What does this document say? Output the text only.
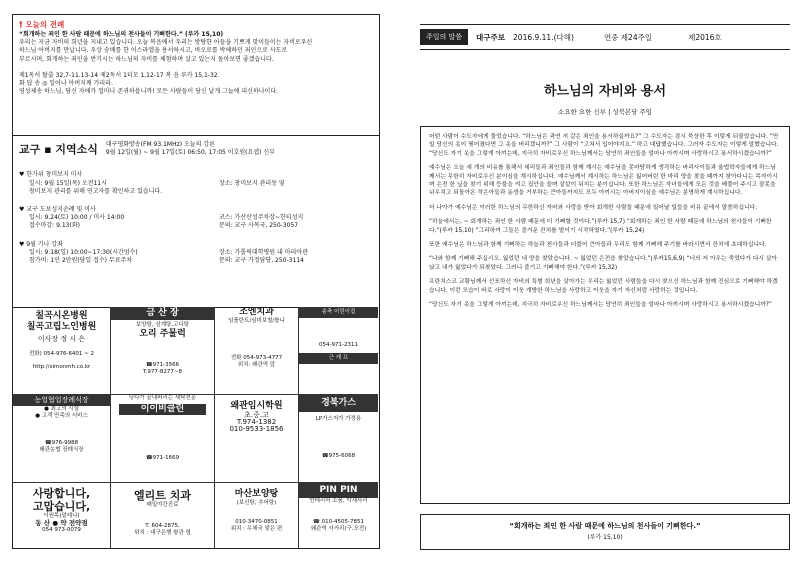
† 오늘의 전례
“회개하는 죄인 한 사람 때문에 하느님의 천사들이 기뻐한다.” (루카 15,10)
우리는 지금 자비의 희년을 지내고 있습니다. 오늘 복음에서 우리는 방탕한 아들을 기쁘게 맞이들이는 자비로우신
하느님 아버지를 만납니다. 우상 숭배를 한 이스라엘을 용서하시고, 바오로를 박해하던 죄인으로 사도로
부르시며, 회개하는 죄인을 반기시는 하느님의 자비를 체험하며 살고 있는지 돌아보면 좋겠습니다.
제1독서 탈출 32,7-11.13-14 제2독서 1티모 1,12-17 복 음 루카 15,1-32.
화 답 송 ◎ 일어나 아버지께 가리라.
영성체송 하느님, 당신 자애가 얼마나 존귀하옵니까! 모든 사람들이 당신 날개 그늘에 피신하나이다.
교구 ▪ 지역소식 대구평화방송(FM 93.1MHz) 오늘의 강론
9월 12일(월) ~ 9월 17일(토) 06:50, 17:05 이호원(요셉) 신부
♥ 한가위 창미보지 미사
일시: 9월 15일(목) 오전11시	장소: 창미보지 관리동 옆
창미보지 관리를 위해 연고자를 확인하고 있습니다.
♥ 교구 도보성지순례 및 미사
일시: 9.24(토) 10:00 / 미사 14:00	코스: 가산산성주차장~한티성지
접수마감: 9.13(화)	문의: 교구 사목국, 250-3057
♥ 9월 기나 강좌
일시: 9.18(일) 10:00~17:30(시간엄수)	장소: 가톨릭대학병원 내 마리아관
참가비: 1인 2만원(당일 접수) 무료주차	문의: 교구 가정담당, 250-3114
칠곡시온병원
칠곡고립노인병원
이사장 정 시 은
전화) 054-976-6401 ~ 2
http://simonmh.co.kr
금 산 장
보양탕, 삼계탕,고디탕
오리 주물럭
☎971-3566
T.977-8277~8
조엔치과
임플란트/심미보철/틀니
전화 054-973-4777
위치: 왜관역 앞
송축 어린이집
054-971-2311
근 캐 프
농업협업장례식장
● 최고의 시설
● 고객 만족의 서비스
☎976-9988
왜관농협 장례식장
닦다가 끝내버리는 세탁전문
이이비클린
☎971-1669
왜관임시학원
초.중.고
T.974-1382
010-9533-1856
경북가스
LP가스저가 가정용
☎975-6068
사랑합니다,
고맙습니다,
이원목(말레나)
동 산 ● 약 전약점
054 973-0079
엘리트 치과
매일야간진료
T. 604-2875,
위치 : 대구은행 왕관 옆
마산보양탕
(보신탕, 추어탕)
010-3470-0851
위치 : 우체국 맞은 편
PIN PIN
언테리어 소품, 악세사리
☎ 010-4505-7851
왜관역 사거리(구.오전)
주일의 말씀	대구주보 2016.9.11.(다해)	연중 제24주일	제2016호
하느님의 자비와 용서
소요한 요한 신부 | 성북본당 주임

어떤 사람이 수도자에게 물었습니다. “하느님은 과연 저 같은 죄인을 용서하실까요?” 그 수도자는 잠시 묵상한 후 이렇게 되물었습니다. “만일 당신의 옷이 찢어졌다면 그 옷을 버리겠니까?” 그 사람이 “고쳐서 입어야지요.” 하고 대답했습니다. 그러자 수도자는 이렇게 말했습니다. “당신도 자기 옷을 그렇게 아끼는데, 지극히 자비로우신 하느님께서는 당연히 죄인들을 얼마나 아끼시며 사랑하시고 용서하시겠습니까?”

예수님은 오늘 세 개의 비유를 통해서 세리들과 죄인들과 함께 계시는 예수님을 못마땅하게 생각하는 바리사이들과 율법학자들에게 하느님께서는 무한히 자비로우신 분이심을 계시하십니다. 예수님께서 계시하는 하느님은 잃어버린 한 마리 양을 찾을 때까지 찾아다니는 목자이시며 은전 한 닢을 찾기 위해 등불을 켜고 집안을 쓸며 샅샅이 뒤지는 분이십니다. 또한 하느님은 자녀들에게 모든 것을 베풀어 주시고 잘못을 뉘우치고 되돌아온 작은아들과 동생을 거부하는 큰아들까지도 모두 아끼시는 아버지이심을 예수님은 분명하게 계시하십니다.

더 나아가 예수님은 이러한 하느님의 무한하신 자비와 사랑을 받아 회개한 사람들 때문에 일어날 일들을 비유 끝에서 말씀하십니다.

“하늘에서는, ~ 회개하는 죄인 한 사람 때문에 더 기뻐할 것이다.”(루카 15,7) “회개하는 죄인 한 사람 때문에 하느님의 천사들이 기뻐한다.”(루카 15,10) “그리하여 그들은 즐거운 잔치를 벌이기 시작하였다.”(루카 15,24)

또한 예수님은 하느님과 함께 기뻐하는 하늘과 천사들과 더불어 큰아들과 우리도 함께 기뻐해 주기를 바라시면서 잔치에 초대하십니다.

“나와 함께 기뻐해 주십시오. 잃었던 내 양을 찾았습니다. ~ 잃었던 은전을 찾았습니다.”(루카15,6,9) “너의 저 아우는 죽었다가 다시 살아났고 내가 잃었다가 되찾았다. 그러니 즐기고 기뻐해야 한다.”(루카 15,32)

프란치스코 교황님께서 선포하신 자비의 특별 희년을 살아가는 우리는 잃었던 사람들을 다시 찾으신 하느님과 함께 진심으로 기뻐해야 하겠습니다. 이런 모습이 바로 사랑이 이웃 개방한 하느님을 사랑하고 이웃을 자기 자신처럼 사랑하는 것입니다.

“당신도 자기 옷을 그렇게 아끼는데, 지극히 자비로우신 하느님께서는 당연히 죄인들을 얼마나 아끼시며 사랑하시고 용서하시겠습니까?”

“회개하는 죄인 한 사람 때문에 하느님의 천사들이 기뻐한다.”
(루카 15,10)
